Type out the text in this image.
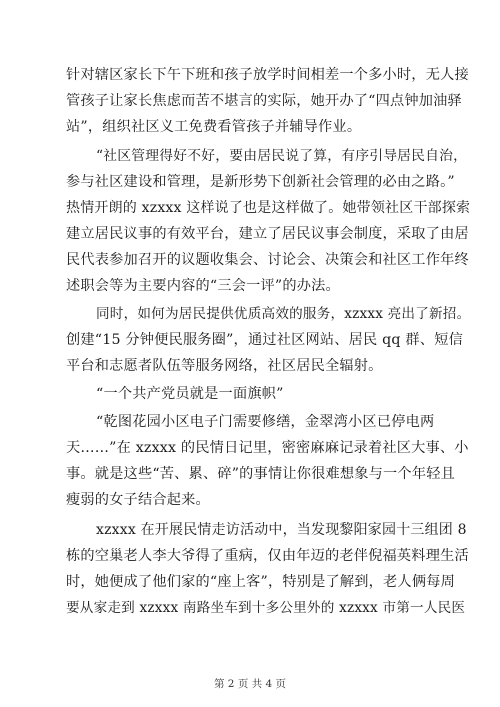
针对辖区家长下午下班和孩子放学时间相差一个多小时，无人接
管孩子让家长焦虑而苦不堪言的实际，她开办了“四点钟加油驿
站”，组织社区义工免费看管孩子并辅导作业。
“社区管理得好不好，要由居民说了算，有序引导居民自治，
参与社区建设和管理，是新形势下创新社会管理的必由之路。”
热情开朗的 xzxxx 这样说了也是这样做了。她带领社区干部探索
建立居民议事的有效平台，建立了居民议事会制度，采取了由居
民代表参加召开的议题收集会、讨论会、决策会和社区工作年终
述职会等为主要内容的“三会一评”的办法。
同时，如何为居民提供优质高效的服务，xzxxx 亮出了新招。
创建“15 分钟便民服务圈”，通过社区网站、居民 qq 群、短信
平台和志愿者队伍等服务网络，社区居民全辐射。
“一个共产党员就是一面旗帜”
“乾图花园小区电子门需要修缮，金翠湾小区已停电两
天……”在 xzxxx 的民情日记里，密密麻麻记录着社区大事、小
事。就是这些“苦、累、碎”的事情让你很难想象与一个年轻且
瘦弱的女子结合起来。
xzxxx 在开展民情走访活动中，当发现黎阳家园十三组团 8
栋的空巢老人李大爷得了重病，仅由年迈的老伴倪福英料理生活
时，她便成了他们家的“座上客”，特别是了解到，老人俩每周
要从家走到 xzxxx 南路坐车到十多公里外的 xzxxx 市第一人民医
第 2 页 共 4 页
